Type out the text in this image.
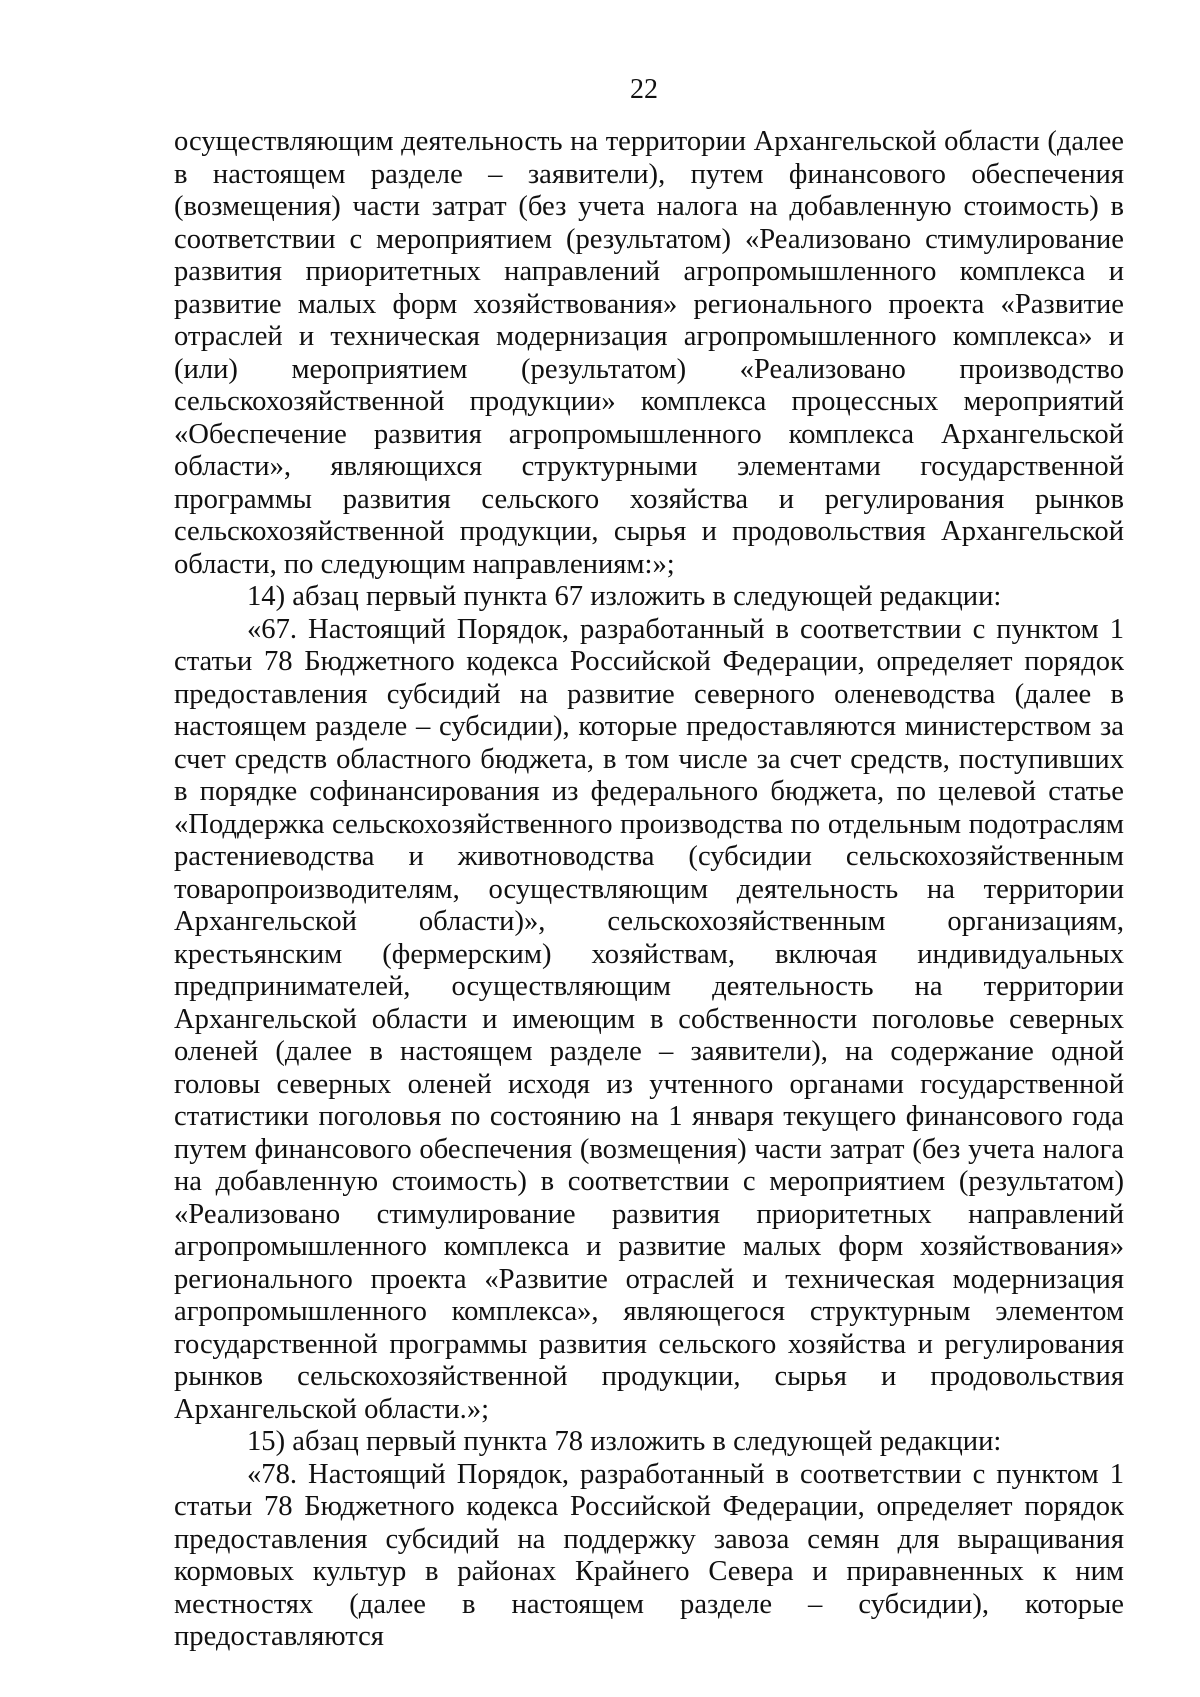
22

осуществляющим деятельность на территории Архангельской области (далее в настоящем разделе – заявители), путем финансового обеспечения (возмещения) части затрат (без учета налога на добавленную стоимость) в соответствии с мероприятием (результатом) «Реализовано стимулирование развития приоритетных направлений агропромышленного комплекса и развитие малых форм хозяйствования» регионального проекта «Развитие отраслей и техническая модернизация агропромышленного комплекса» и (или) мероприятием (результатом) «Реализовано производство сельскохозяйственной продукции» комплекса процессных мероприятий «Обеспечение развития агропромышленного комплекса Архангельской области», являющихся структурными элементами государственной программы развития сельского хозяйства и регулирования рынков сельскохозяйственной продукции, сырья и продовольствия Архангельской области, по следующим направлениям:»;

14) абзац первый пункта 67 изложить в следующей редакции:

«67. Настоящий Порядок, разработанный в соответствии с пунктом 1 статьи 78 Бюджетного кодекса Российской Федерации, определяет порядок предоставления субсидий на развитие северного оленеводства (далее в настоящем разделе – субсидии), которые предоставляются министерством за счет средств областного бюджета, в том числе за счет средств, поступивших в порядке софинансирования из федерального бюджета, по целевой статье «Поддержка сельскохозяйственного производства по отдельным подотраслям растениеводства и животноводства (субсидии сельскохозяйственным товаропроизводителям, осуществляющим деятельность на территории Архангельской области)», сельскохозяйственным организациям, крестьянским (фермерским) хозяйствам, включая индивидуальных предпринимателей, осуществляющим деятельность на территории Архангельской области и имеющим в собственности поголовье северных оленей (далее в настоящем разделе – заявители), на содержание одной головы северных оленей исходя из учтенного органами государственной статистики поголовья по состоянию на 1 января текущего финансового года путем финансового обеспечения (возмещения) части затрат (без учета налога на добавленную стоимость) в соответствии с мероприятием (результатом) «Реализовано стимулирование развития приоритетных направлений агропромышленного комплекса и развитие малых форм хозяйствования» регионального проекта «Развитие отраслей и техническая модернизация агропромышленного комплекса», являющегося структурным элементом государственной программы развития сельского хозяйства и регулирования рынков сельскохозяйственной продукции, сырья и продовольствия Архангельской области.»;

15) абзац первый пункта 78 изложить в следующей редакции:

«78. Настоящий Порядок, разработанный в соответствии с пунктом 1 статьи 78 Бюджетного кодекса Российской Федерации, определяет порядок предоставления субсидий на поддержку завоза семян для выращивания кормовых культур в районах Крайнего Севера и приравненных к ним местностях (далее в настоящем разделе – субсидии), которые предоставляются
